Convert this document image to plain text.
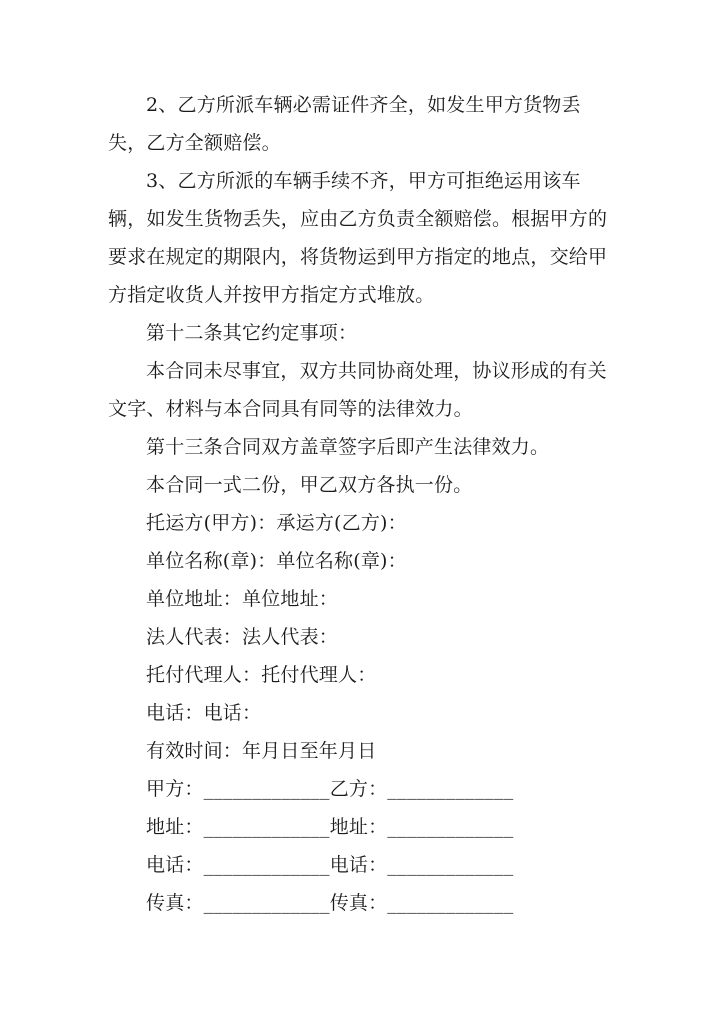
2、乙方所派车辆必需证件齐全，如发生甲方货物丢失，乙方全额赔偿。

3、乙方所派的车辆手续不齐，甲方可拒绝运用该车辆，如发生货物丢失，应由乙方负责全额赔偿。根据甲方的要求在规定的期限内，将货物运到甲方指定的地点，交给甲方指定收货人并按甲方指定方式堆放。

第十二条其它约定事项：

本合同未尽事宜，双方共同协商处理，协议形成的有关文字、材料与本合同具有同等的法律效力。

第十三条合同双方盖章签字后即产生法律效力。

本合同一式二份，甲乙双方各执一份。

托运方(甲方)：承运方(乙方)：

单位名称(章)：单位名称(章)：

单位地址：单位地址：

法人代表：法人代表：

托付代理人：托付代理人：

电话：电话：

有效时间：年月日至年月日

甲方：_____________乙方：_____________

地址：_____________地址：_____________

电话：_____________电话：_____________

传真：_____________传真：_____________
